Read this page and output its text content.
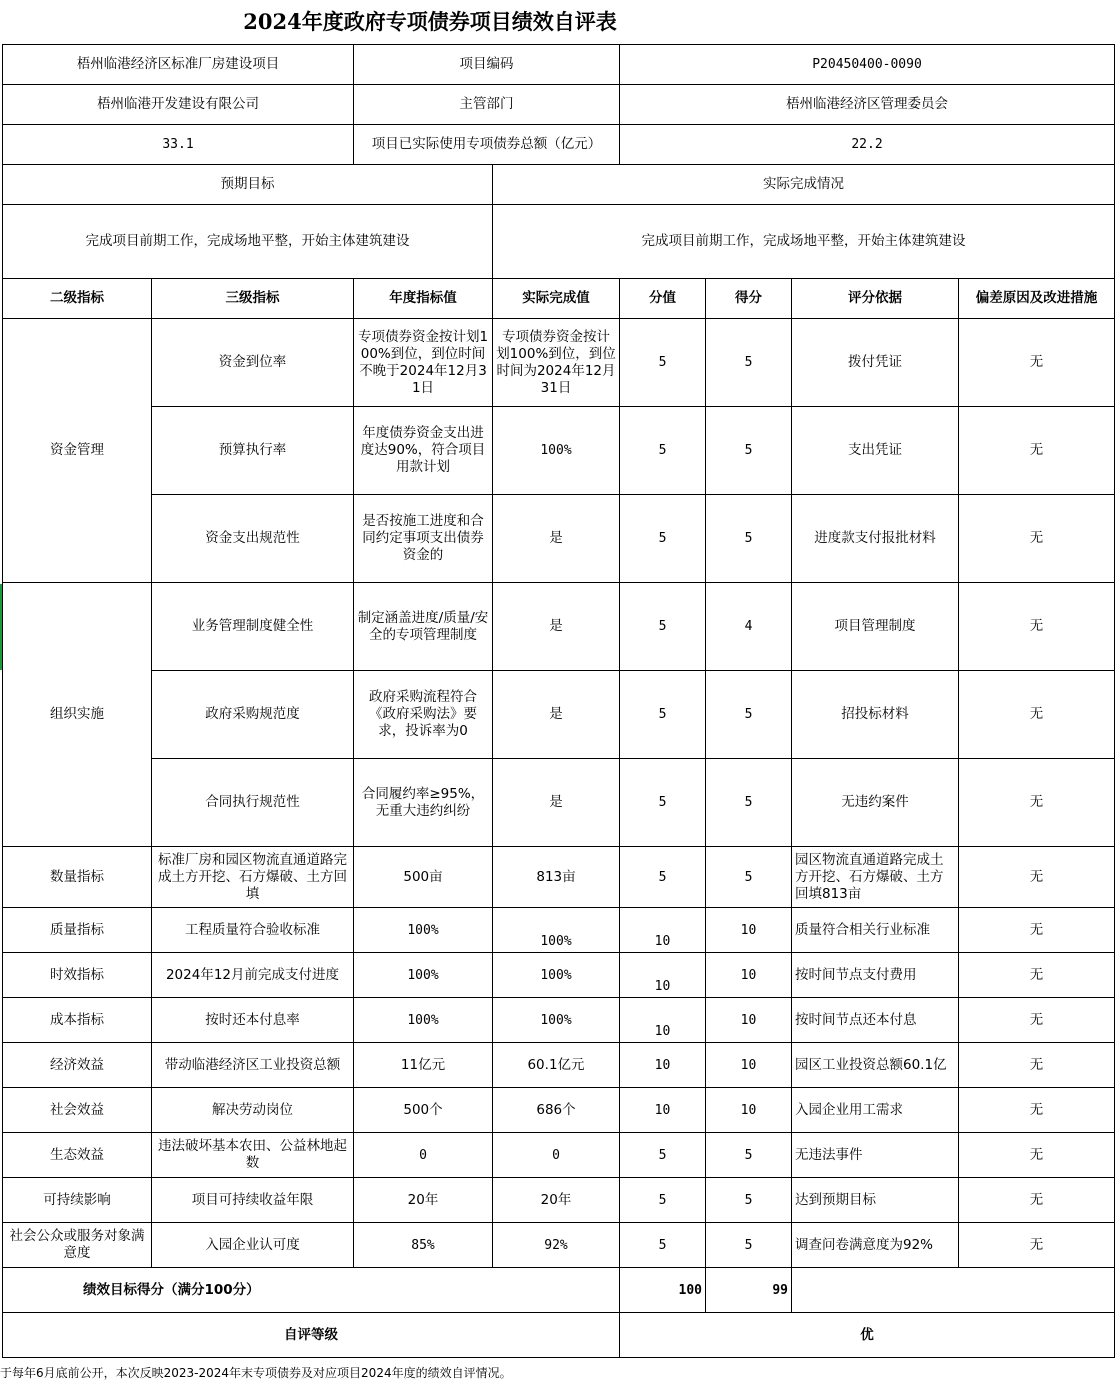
2024年度政府专项债券项目绩效自评表
梧州临港经济区标准厂房建设项目		项目编码		P20450400-0090			
梧州临港开发建设有限公司		主管部门		梧州临港经济区管理委员会			
33.1		项目已实际使用专项债券总额（亿元）		22.2			
预期目标			实际完成情况				
完成项目前期工作，完成场地平整，开始主体建筑建设			完成项目前期工作，完成场地平整，开始主体建筑建设				
二级指标	三级指标	年度指标值	实际完成值	分值	得分	评分依据	偏差原因及改进措施
资金管理	资金到位率	专项债券资金按计划100%到位，到位时间不晚于2024年12月31日	专项债券资金按计划100%到位，到位时间为2024年12月31日	5	5	拨付凭证	无
	预算执行率	年度债券资金支出进度达90%，符合项目用款计划	100%	5	5	支出凭证	无
	资金支出规范性	是否按施工进度和合同约定事项支出债券资金的	是	5	5	进度款支付报批材料	无
组织实施	业务管理制度健全性	制定涵盖进度/质量/安全的专项管理制度	是	5	4	项目管理制度	无
	政府采购规范度	政府采购流程符合《政府采购法》要求，投诉率为0	是	5	5	招投标材料	无
	合同执行规范性	合同履约率≥95%，无重大违约纠纷	是	5	5	无违约案件	无
数量指标	标准厂房和园区物流直通道路完成土方开挖、石方爆破、土方回填	500亩	813亩	5	5	园区物流直通道路完成土方开挖、石方爆破、土方回填813亩	无
质量指标	工程质量符合验收标准	100%	100%	10	10	质量符合相关行业标准	无
时效指标	2024年12月前完成支付进度	100%	100%	10	10	按时间节点支付费用	无
成本指标	按时还本付息率	100%	100%	10	10	按时间节点还本付息	无
经济效益	带动临港经济区工业投资总额	11亿元	60.1亿元	10	10	园区工业投资总额60.1亿	无
社会效益	解决劳动岗位	500个	686个	10	10	入园企业用工需求	无
生态效益	违法破坏基本农田、公益林地起数	0	0	5	5	无违法事件	无
可持续影响	项目可持续收益年限	20年	20年	5	5	达到预期目标	无
社会公众或服务对象满意度	入园企业认可度	85%	92%	5	5	调查问卷满意度为92%	无
绩效目标得分（满分100分）				100	99		
自评等级				优			
于每年6月底前公开，本次反映2023-2024年末专项债券及对应项目2024年度的绩效自评情况。
